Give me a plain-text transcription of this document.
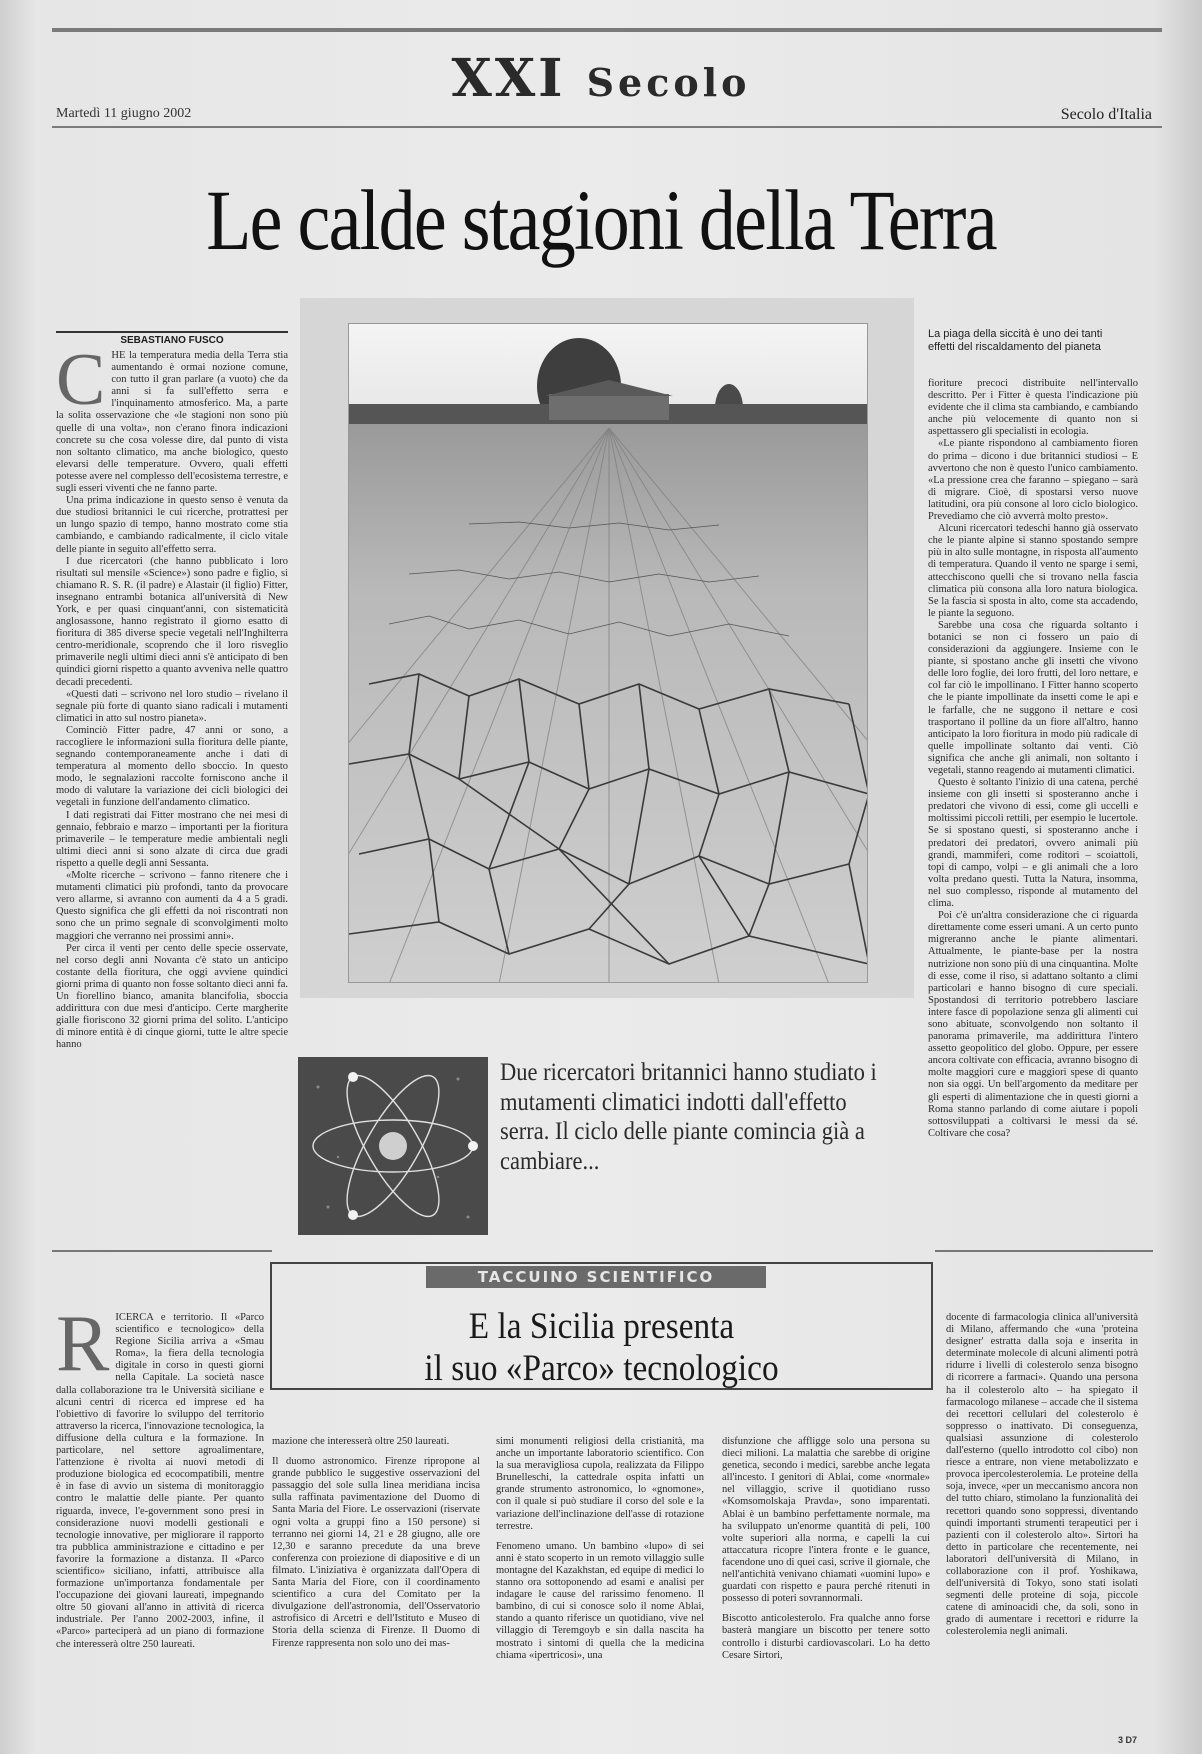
XXI Secolo
Martedì 11 giugno 2002	Secolo d'Italia
Le calde stagioni della Terra
SEBASTIANO FUSCO
C HE la temperatura media della Terra stia aumentando è ormai nozione comune, con tutto il gran parlare (a vuoto) che da anni si fa sull'effetto serra e l'inquinamento atmosferico. Ma, a parte la solita osservazione che «le stagioni non sono più quelle di una volta», non c'erano finora indicazioni concrete su che cosa volesse dire, dal punto di vista non soltanto climatico, ma anche biologico, questo elevarsi delle temperature. Ovvero, quali effetti potesse avere nel complesso dell'ecosistema terrestre, e sugli esseri viventi che ne fanno parte.

Una prima indicazione in questo senso è venuta da due studiosi britannici le cui ricerche, protrattesi per un lungo spazio di tempo, hanno mostrato come stia cambiando, e cambiando radicalmente, il ciclo vitale delle piante in seguito all'effetto serra.

I due ricercatori (che hanno pubblicato i loro risultati sul mensile «Science») sono padre e figlio, si chiamano R. S. R. (il padre) e Alastair (il figlio) Fitter, insegnano entrambi botanica all'università di New York, e per quasi cinquant'anni, con sistematicità anglosassone, hanno registrato il giorno esatto di fioritura di 385 diverse specie vegetali nell'Inghilterra centro-meridionale, scoprendo che il loro risveglio primaverile negli ultimi dieci anni s'è anticipato di ben quindici giorni rispetto a quanto avveniva nelle quattro decadi precedenti.

«Questi dati – scrivono nel loro studio – rivelano il segnale più forte di quanto siano radicali i mutamenti climatici in atto sul nostro pianeta».

Cominciò Fitter padre, 47 anni or sono, a raccogliere le informazioni sulla fioritura delle piante, segnando contemporaneamente anche i dati di temperatura al momento dello sboccio. In questo modo, le segnalazioni raccolte forniscono anche il modo di valutare la variazione dei cicli biologici dei vegetali in funzione dell'andamento climatico.

I dati registrati dai Fitter mostrano che nei mesi di gennaio, febbraio e marzo – importanti per la fioritura primaverile – le temperature medie ambientali negli ultimi dieci anni si sono alzate di circa due gradi rispetto a quelle degli anni Sessanta.

«Molte ricerche – scrivono – fanno ritenere che i mutamenti climatici più profondi, tanto da provocare vero allarme, si avranno con aumenti da 4 a 5 gradi. Questo significa che gli effetti da noi riscontrati non sono che un primo segnale di sconvolgimenti molto maggiori che verranno nei prossimi anni».

Per circa il venti per cento delle specie osservate, nel corso degli anni Novanta c'è stato un anticipo costante della fioritura, che oggi avviene quindici giorni prima di quanto non fosse soltanto dieci anni fa. Un fiorellino bianco, amanita blancifolia, sboccia addirittura con due mesi d'anticipo. Certe margherite gialle fioriscono 32 giorni prima del solito. L'anticipo di minore entità è di cinque giorni, tutte le altre specie hanno

La piaga della siccità è uno dei tanti effetti del riscaldamento del pianeta

fioriture precoci distribuite nell'intervallo descritto. Per i Fitter è questa l'indicazione più evidente che il clima sta cambiando, e cambiando anche più velocemente di quanto non si aspettassero gli specialisti in ecologia.

«Le piante rispondono al cambiamento fioren do prima – dicono i due britannici studiosi – E avvertono che non è questo l'unico cambiamento. «La pressione crea che faranno – spiegano – sarà di migrare. Cioè, di spostarsi verso nuove latitudini, ora più consone al loro ciclo biologico. Prevediamo che ciò avverrà molto presto».

Alcuni ricercatori tedeschi hanno già osservato che le piante alpine si stanno spostando sempre più in alto sulle montagne, in risposta all'aumento di temperatura. Quando il vento ne sparge i semi, attecchiscono quelli che si trovano nella fascia climatica più consona alla loro natura biologica. Se la fascia si sposta in alto, come sta accadendo, le piante la seguono.

Sarebbe una cosa che riguarda soltanto i botanici se non ci fossero un paio di considerazioni da aggiungere. Insieme con le piante, si spostano anche gli insetti che vivono delle loro foglie, dei loro frutti, del loro nettare, e col far ciò le impollinano. I Fitter hanno scoperto che le piante impollinate da insetti come le api e le farfalle, che ne suggono il nettare e così trasportano il polline da un fiore all'altro, hanno anticipato la loro fioritura in modo più radicale di quelle impollinate soltanto dai venti. Ciò significa che anche gli animali, non soltanto i vegetali, stanno reagendo ai mutamenti climatici.

Questo è soltanto l'inizio di una catena, perché insieme con gli insetti si sposteranno anche i predatori che vivono di essi, come gli uccelli e moltissimi piccoli rettili, per esempio le lucertole. Se si spostano questi, si sposteranno anche i predatori dei predatori, ovvero animali più grandi, mammiferi, come roditori – scoiattoli, topi di campo, volpi – e gli animali che a loro volta predano questi. Tutta la Natura, insomma, nel suo complesso, risponde al mutamento del clima.

Poi c'è un'altra considerazione che ci riguarda direttamente come esseri umani. A un certo punto migreranno anche le piante alimentari. Attualmente, le piante-base per la nostra nutrizione non sono più di una cinquantina. Molte di esse, come il riso, si adattano soltanto a climi particolari e hanno bisogno di cure speciali. Spostandosi di territorio potrebbero lasciare intere fasce di popolazione senza gli alimenti cui sono abituate, sconvolgendo non soltanto il panorama primaverile, ma addirittura l'intero assetto geopolitico del globo. Oppure, per essere ancora coltivate con efficacia, avranno bisogno di molte maggiori cure e maggiori spese di quanto non sia oggi. Un bell'argomento da meditare per gli esperti di alimentazione che in questi giorni a Roma stanno parlando di come aiutare i popoli sottosviluppati a coltivarsi le messi da sé. Coltivare che cosa?

Due ricercatori britannici hanno studiato i mutamenti climatici indotti dall'effetto serra. Il ciclo delle piante comincia già a cambiare...
TACCUINO SCIENTIFICO
E la Sicilia presenta
il suo «Parco» tecnologico
R ICERCA e territorio. Il «Parco scientifico e tecnologico» della Regione Sicilia arriva a «Smau Roma», la fiera della tecnologia digitale in corso in questi giorni nella Capitale. La società nasce dalla collaborazione tra le Università siciliane e alcuni centri di ricerca ed imprese ed ha l'obiettivo di favorire lo sviluppo del territorio attraverso la ricerca, l'innovazione tecnologica, la diffusione della cultura e la formazione. In particolare, nel settore agroalimentare, l'attenzione è rivolta ai nuovi metodi di produzione biologica ed ecocompatibili, mentre è in fase di avvio un sistema di monitoraggio contro le malattie delle piante. Per quanto riguarda, invece, l'e-government sono presi in considerazione nuovi modelli gestionali e tecnologie innovative, per migliorare il rapporto tra pubblica amministrazione e cittadino e per favorire la formazione a distanza. Il «Parco scientifico» siciliano, infatti, attribuisce alla formazione un'importanza fondamentale per l'occupazione dei giovani laureati, impegnando oltre 50 giovani all'anno in attività di ricerca industriale. Per l'anno 2002-2003, infine, il «Parco» parteciperà ad un piano di formazione che interesserà oltre 250 laureati.

mazione che interesserà oltre 250 laureati.

Il duomo astronomico. Firenze ripropone al grande pubblico le suggestive osservazioni del passaggio del sole sulla linea meridiana incisa sulla raffinata pavimentazione del Duomo di Santa Maria del Fiore. Le osservazioni (riservate ogni volta a gruppi fino a 150 persone) si terranno nei giorni 14, 21 e 28 giugno, alle ore 12,30 e saranno precedute da una breve conferenza con proiezione di diapositive e di un filmato. L'iniziativa è organizzata dall'Opera di Santa Maria del Fiore, con il coordinamento scientifico a cura del Comitato per la divulgazione dell'astronomia, dell'Osservatorio astrofisico di Arcetri e dell'Istituto e Museo di Storia della scienza di Firenze. Il Duomo di Firenze rappresenta non solo uno dei mas-

simi monumenti religiosi della cristianità, ma anche un importante laboratorio scientifico. Con la sua meravigliosa cupola, realizzata da Filippo Brunelleschi, la cattedrale ospita infatti un grande strumento astronomico, lo «gnomone», con il quale si può studiare il corso del sole e la variazione dell'inclinazione dell'asse di rotazione terrestre.

Fenomeno umano. Un bambino «lupo» di sei anni è stato scoperto in un remoto villaggio sulle montagne del Kazakhstan, ed equipe di medici lo stanno ora sottoponendo ad esami e analisi per indagare le cause del rarissimo fenomeno. Il bambino, di cui si conosce solo il nome Ablai, stando a quanto riferisce un quotidiano, vive nel villaggio di Teremgoyb e sin dalla nascita ha mostrato i sintomi di quella che la medicina chiama «ipertricosi», una

disfunzione che affligge solo una persona su dieci milioni. La malattia che sarebbe di origine genetica, secondo i medici, sarebbe anche legata all'incesto. I genitori di Ablai, come «normale» nel villaggio, scrive il quotidiano russo «Komsomolskaja Pravda», sono imparentati. Ablai è un bambino perfettamente normale, ma ha sviluppato un'enorme quantità di peli, 100 volte superiori alla norma, e capelli la cui attaccatura ricopre l'intera fronte e le guance, facendone uno di quei casi, scrive il giornale, che nell'antichità venivano chiamati «uomini lupo» e guardati con rispetto e paura perché ritenuti in possesso di poteri sovrannormali.

Biscotto anticolesterolo. Fra qualche anno forse basterà mangiare un biscotto per tenere sotto controllo i disturbi cardiovascolari. Lo ha detto Cesare Sirtori,

docente di farmacologia clinica all'università di Milano, affermando che «una 'proteina designer' estratta dalla soja e inserita in determinate molecole di alcuni alimenti potrà ridurre i livelli di colesterolo senza bisogno di ricorrere a farmaci». Quando una persona ha il colesterolo alto – ha spiegato il farmacologo milanese – accade che il sistema dei recettori cellulari del colesterolo è soppresso o inattivato. Di conseguenza, qualsiasi assunzione di colesterolo dall'esterno (quello introdotto col cibo) non riesce a entrare, non viene metabolizzato e provoca ipercolesterolemia. Le proteine della soja, invece, «per un meccanismo ancora non del tutto chiaro, stimolano la funzionalità dei recettori quando sono soppressi, diventando quindi importanti strumenti terapeutici per i pazienti con il colesterolo alto». Sirtori ha detto in particolare che recentemente, nei laboratori dell'università di Milano, in collaborazione con il prof. Yoshikawa, dell'università di Tokyo, sono stati isolati segmenti delle proteine di soja, piccole catene di aminoacidi che, da soli, sono in grado di aumentare i recettori e ridurre la colesterolemia negli animali.

3 D7
